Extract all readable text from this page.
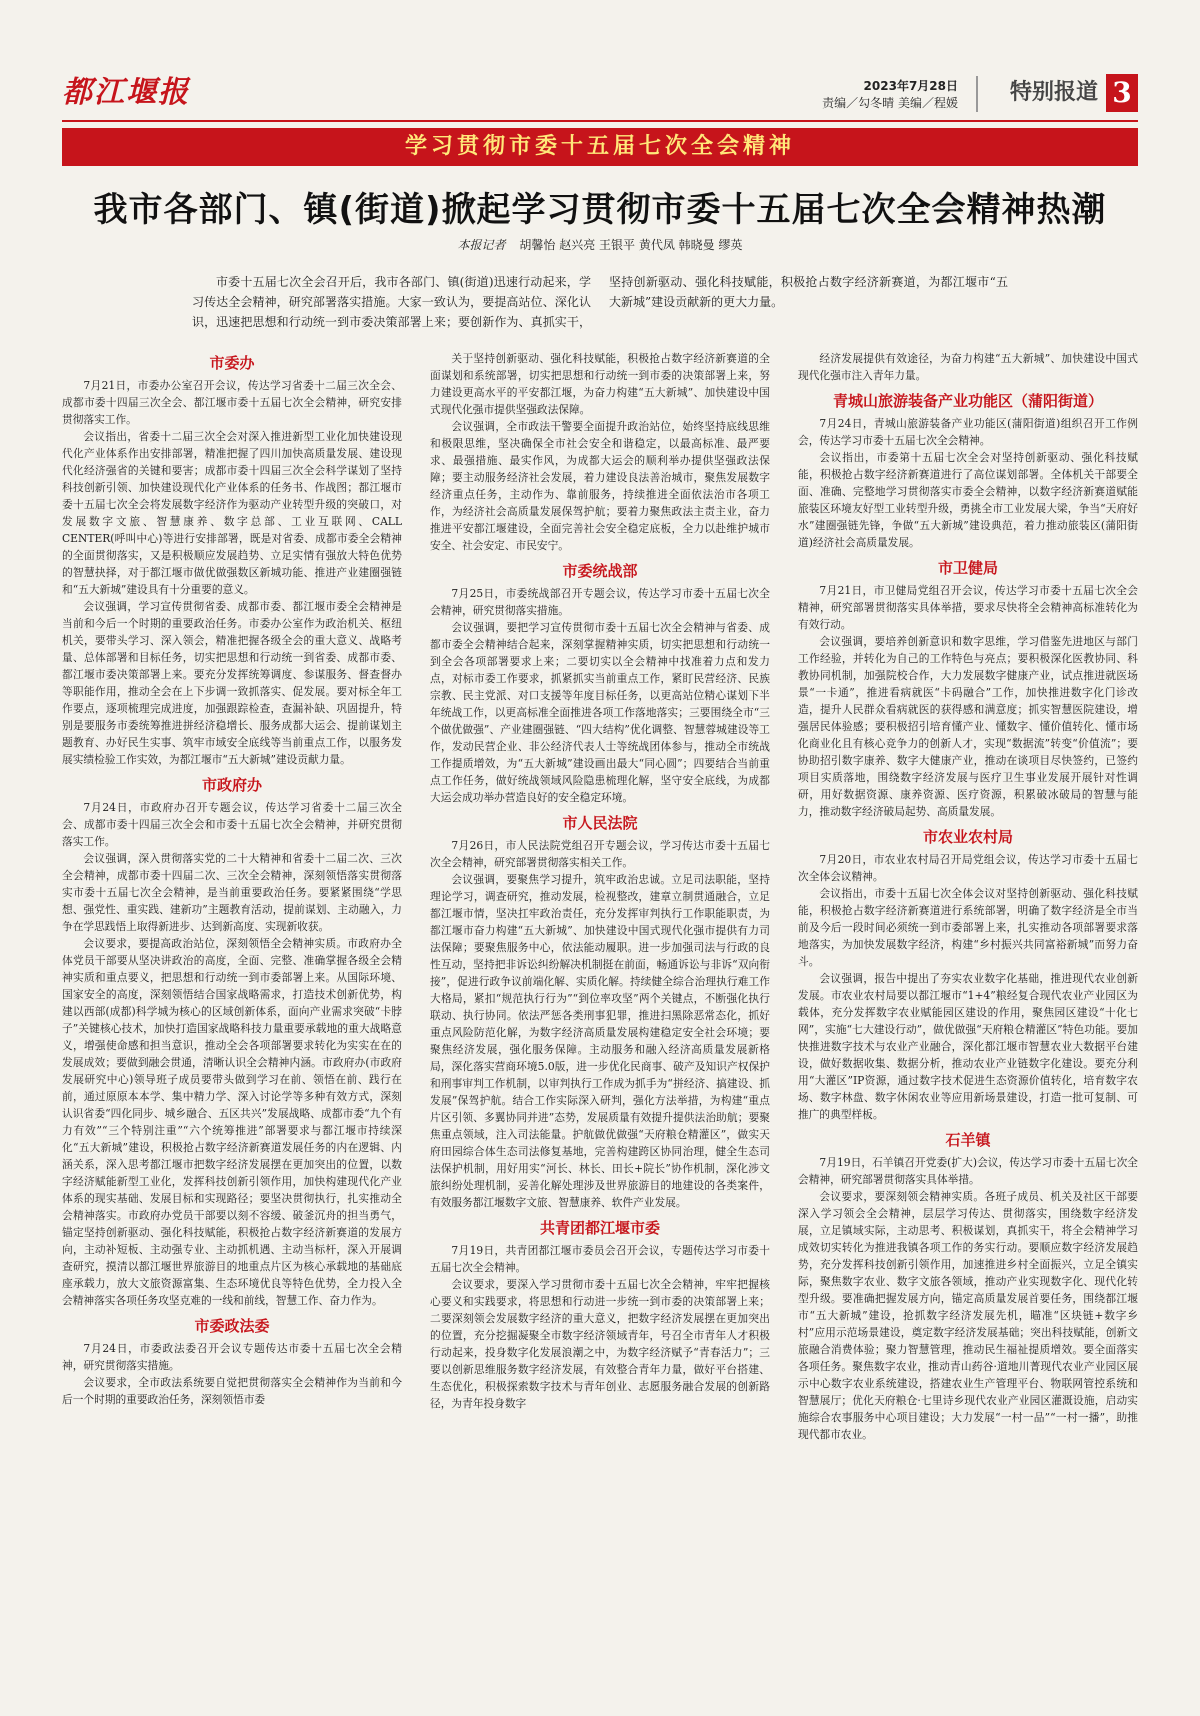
都江堰报	2023年7月28日
责编／勾冬晴 美编／程媛 特别报道 3
学习贯彻市委十五届七次全会精神
我市各部门、镇(街道)掀起学习贯彻市委十五届七次全会精神热潮
本报记者 胡馨怡 赵兴亮 王银平 黄代凤 韩晓曼 缪英
市委十五届七次全会召开后，我市各部门、镇(街道)迅速行动起来，学习传达全会精神，研究部署落实措施。大家一致认为，要提高站位、深化认识，迅速把思想和行动统一到市委决策部署上来；要创新作为、真抓实干，坚持创新驱动、强化科技赋能，积极抢占数字经济新赛道，为都江堰市“五大新城”建设贡献新的更大力量。
市委办

7月21日，市委办公室召开会议，传达学习省委十二届三次全会、成都市委十四届三次全会、都江堰市委十五届七次全会精神，研究安排贯彻落实工作。

会议指出，省委十二届三次全会对深入推进新型工业化加快建设现代化产业体系作出安排部署，精准把握了四川加快高质量发展、建设现代化经济强省的关键和要害；成都市委十四届三次全会科学谋划了坚持科技创新引领、加快建设现代化产业体系的任务书、作战图；都江堰市委十五届七次全会将发展数字经济作为驱动产业转型升级的突破口，对发展数字文旅、智慧康养、数字总部、工业互联网、CALL CENTER(呼叫中心)等进行安排部署，既是对省委、成都市委全会精神的全面贯彻落实，又是积极顺应发展趋势、立足实情有强放大特色优势的智慧抉择，对于都江堰市做优做强数区新城功能、推进产业建圈强链和“五大新城”建设具有十分重要的意义。

会议强调，学习宣传贯彻省委、成都市委、都江堰市委全会精神是当前和今后一个时期的重要政治任务。市委办公室作为政治机关、枢纽机关，要带头学习、深入领会，精准把握各级全会的重大意义、战略考量、总体部署和目标任务，切实把思想和行动统一到省委、成都市委、都江堰市委决策部署上来。要充分发挥统筹调度、参谋服务、督查督办等职能作用，推动全会在上下步调一致抓落实、促发展。要对标全年工作要点，逐项梳理完成进度，加强跟踪检查，查漏补缺、巩固提升，特别是要服务市委统筹推进拼经济稳增长、服务成都大运会、提前谋划主题教育、办好民生实事、筑牢市域安全底线等当前重点工作，以服务发展实绩检验工作实效，为都江堰市“五大新城”建设贡献力量。

市政府办

7月24日，市政府办召开专题会议，传达学习省委十二届三次全会、成都市委十四届三次全会和市委十五届七次全会精神，并研究贯彻落实工作。

会议强调，深入贯彻落实党的二十大精神和省委十二届二次、三次全会精神，成都市委十四届二次、三次全会精神，深刻领悟落实贯彻落实市委十五届七次全会精神，是当前重要政治任务。要紧紧围绕“学思想、强党性、重实践、建新功”主题教育活动，提前谋划、主动融入，力争在学思践悟上取得新进步、达到新高度、实现新收获。

会议要求，要提高政治站位，深刻领悟全会精神实质。市政府办全体党员干部要从坚决讲政治的高度，全面、完整、准确掌握各级全会精神实质和重点要义，把思想和行动统一到市委部署上来。从国际环境、国家安全的高度，深刻领悟结合国家战略需求，打造技术创新优势，构建以西部(成都)科学城为核心的区域创新体系，面向产业需求突破“卡脖子”关键核心技术，加快打造国家战略科技力量重要承载地的重大战略意义，增强使命感和担当意识，推动全会各项部署要求转化为实实在在的发展成效；要做到融会贯通，清晰认识全会精神内涵。市政府办(市政府发展研究中心)领导班子成员要带头做到学习在前、领悟在前、践行在前，通过原原本本学、集中精力学、深入讨论学等多种有效方式，深刻认识省委“四化同步、城乡融合、五区共兴”发展战略、成都市委“九个有力有效”“三个特别注重”“六个统筹推进”部署要求与都江堰市持续深化“五大新城”建设，积极抢占数字经济新赛道发展任务的内在逻辑、内涵关系，深入思考都江堰市把数字经济发展摆在更加突出的位置，以数字经济赋能新型工业化，发挥科技创新引领作用，加快构建现代化产业体系的现实基础、发展目标和实现路径；要坚决贯彻执行，扎实推动全会精神落实。市政府办党员干部要以刻不容缓、破釜沉舟的担当勇气，锚定坚持创新驱动、强化科技赋能，积极抢占数字经济新赛道的发展方向，主动补短板、主动强专业、主动抓机遇、主动当标杆，深入开展调查研究，摸清以都江堰世界旅游目的地重点片区为核心承载地的基础底座承载力，放大文旅资源富集、生态环境优良等特色优势，全力投入全会精神落实各项任务攻坚克难的一线和前线，智慧工作、奋力作为。

市委政法委

7月24日，市委政法委召开会议专题传达市委十五届七次全会精神，研究贯彻落实措施。

会议要求，全市政法系统要自觉把贯彻落实全会精神作为当前和今后一个时期的重要政治任务，深刻领悟市委

关于坚持创新驱动、强化科技赋能，积极抢占数字经济新赛道的全面谋划和系统部署，切实把思想和行动统一到市委的决策部署上来，努力建设更高水平的平安都江堰，为奋力构建“五大新城”、加快建设中国式现代化强市提供坚强政法保障。

会议强调，全市政法干警要全面提升政治站位，始终坚持底线思维和极限思维，坚决确保全市社会安全和谐稳定，以最高标准、最严要求、最强措施、最实作风，为成都大运会的顺利举办提供坚强政法保障；要主动服务经济社会发展，着力建设良法善治城市，聚焦发展数字经济重点任务，主动作为、靠前服务，持续推进全面依法治市各项工作，为经济社会高质量发展保驾护航；要着力聚焦政法主责主业，奋力推进平安都江堰建设，全面完善社会安全稳定底板，全力以赴维护城市安全、社会安定、市民安宁。

市委统战部

7月25日，市委统战部召开专题会议，传达学习市委十五届七次全会精神，研究贯彻落实措施。

会议强调，要把学习宣传贯彻市委十五届七次全会精神与省委、成都市委全会精神结合起来，深刻掌握精神实质，切实把思想和行动统一到全会各项部署要求上来；二要切实以全会精神中找准着力点和发力点，对标市委工作要求，抓紧抓实当前重点工作，紧盯民营经济、民族宗教、民主党派、对口支援等年度目标任务，以更高站位精心谋划下半年统战工作，以更高标准全面推进各项工作落地落实；三要围绕全市“三个做优做强”、产业建圈强链、“四大结构”优化调整、智慧蓉城建设等工作，发动民营企业、非公经济代表人士等统战团体参与，推动全市统战工作提质增效，为“五大新城”建设画出最大“同心圆”；四要结合当前重点工作任务，做好统战领域风险隐患梳理化解，坚守安全底线，为成都大运会成功举办营造良好的安全稳定环境。

市人民法院

7月26日，市人民法院党组召开专题会议，学习传达市委十五届七次全会精神，研究部署贯彻落实相关工作。

会议强调，要聚焦学习提升，筑牢政治忠诚。立足司法职能，坚持理论学习，调查研究，推动发展，检视整改，建章立制贯通融合，立足都江堰市情，坚决扛牢政治责任，充分发挥审判执行工作职能职责，为都江堰市奋力构建“五大新城”、加快建设中国式现代化强市提供有力司法保障；要聚焦服务中心，依法能动履职。进一步加强司法与行政的良性互动，坚持把非诉讼纠纷解决机制挺在前面，畅通诉讼与非诉“双向衔接”，促进行政争议前端化解、实质化解。持续健全综合治理执行难工作大格局，紧扣“规范执行行为”“到位率攻坚”两个关键点，不断强化执行联动、执行协同。依法严惩各类刑事犯罪，推进扫黑除恶常态化，抓好重点风险防范化解，为数字经济高质量发展构建稳定安全社会环境；要聚焦经济发展，强化服务保障。主动服务和融入经济高质量发展新格局，深化落实营商环境5.0版，进一步优化民商事、破产及知识产权保护和刑事审判工作机制，以审判执行工作成为抓手为“拼经济、搞建设、抓发展”保驾护航。结合工作实际深入研判，强化方法举措，为构建“重点片区引领、多翼协同并进”态势，发展质量有效提升提供法治助航；要聚焦重点领域，注入司法能量。护航做优做强“天府粮仓精灌区”，做实天府田园综合体生态司法修复基地，完善构建跨区协同治理，健全生态司法保护机制，用好用实“河长、林长、田长+院长”协作机制，深化涉文旅纠纷处理机制，妥善化解处理涉及世界旅游目的地建设的各类案件，有效服务都江堰数字文旅、智慧康养、软件产业发展。

共青团都江堰市委

7月19日，共青团都江堰市委员会召开会议，专题传达学习市委十五届七次全会精神。

会议要求，要深入学习贯彻市委十五届七次全会精神，牢牢把握核心要义和实践要求，将思想和行动进一步统一到市委的决策部署上来；二要深刻领会发展数字经济的重大意义，把数字经济发展摆在更加突出的位置，充分挖掘凝聚全市数字经济领域青年，号召全市青年人才积极行动起来，投身数字化发展浪潮之中，为数字经济赋予“青春活力”；三要以创新思维服务数字经济发展，有效整合青年力量，做好平台搭建、生态优化，积极探索数字技术与青年创业、志愿服务融合发展的创新路径，为青年投身数字

经济发展提供有效途径，为奋力构建“五大新城”、加快建设中国式现代化强市注入青年力量。

青城山旅游装备产业功能区（蒲阳街道）

7月24日，青城山旅游装备产业功能区(蒲阳街道)组织召开工作例会，传达学习市委十五届七次全会精神。

会议指出，市委第十五届七次全会对坚持创新驱动、强化科技赋能，积极抢占数字经济新赛道进行了高位谋划部署。全体机关干部要全面、准确、完整地学习贯彻落实市委全会精神，以数字经济新赛道赋能旅装区环境友好型工业转型升级，勇挑全市工业发展大梁，争当“天府好水”建圈强链先锋，争做“五大新城”建设典范，着力推动旅装区(蒲阳街道)经济社会高质量发展。

市卫健局

7月21日，市卫健局党组召开会议，传达学习市委十五届七次全会精神，研究部署贯彻落实具体举措，要求尽快将全会精神高标准转化为有效行动。

会议强调，要培养创新意识和数字思维，学习借鉴先进地区与部门工作经验，并转化为自己的工作特色与亮点；要积极深化医教协同、科教协同机制，加强院校合作，大力发展数字健康产业，试点推进就医场景“一卡通”，推进看病就医“卡码融合”工作，加快推进数字化门诊改造，提升人民群众看病就医的获得感和满意度；抓实智慧医院建设，增强居民体验感；要积极招引培育懂产业、懂数字、懂价值转化、懂市场化商业化且有核心竞争力的创新人才，实现“数据流”转变“价值流”；要协助招引数字康养、数字大健康产业，推动在谈项目尽快签约，已签约项目实质落地，围绕数字经济发展与医疗卫生事业发展开展针对性调研，用好数据资源、康养资源、医疗资源，积累破冰破局的智慧与能力，推动数字经济破局起势、高质量发展。

市农业农村局

7月20日，市农业农村局召开局党组会议，传达学习市委十五届七次全体会议精神。

会议指出，市委十五届七次全体会议对坚持创新驱动、强化科技赋能，积极抢占数字经济新赛道进行系统部署，明确了数字经济是全市当前及今后一段时间必须统一到市委部署上来，扎实推动各项部署要求落地落实，为加快发展数字经济，构建“乡村振兴共同富裕新城”而努力奋斗。

会议强调，报告中提出了夯实农业数字化基础，推进现代农业创新发展。市农业农村局要以都江堰市“1+4”粮经复合现代农业产业园区为载体，充分发挥数字农业赋能园区建设的作用，聚焦园区建设“十化七网”，实施“七大建设行动”，做优做强“天府粮仓精灌区”特色功能。要加快推进数字技术与农业产业融合，深化都江堰市智慧农业大数据平台建设，做好数据收集、数据分析，推动农业产业链数字化建设。要充分利用“大灌区”IP资源，通过数字技术促进生态资源价值转化，培育数字农场、数字林盘、数字休闲农业等应用新场景建设，打造一批可复制、可推广的典型样板。

石羊镇

7月19日，石羊镇召开党委(扩大)会议，传达学习市委十五届七次全会精神，研究部署贯彻落实具体举措。

会议要求，要深刻领会精神实质。各班子成员、机关及社区干部要深入学习领会全会精神，层层学习传达、贯彻落实，围绕数字经济发展，立足镇域实际，主动思考、积极谋划，真抓实干，将全会精神学习成效切实转化为推进我镇各项工作的务实行动。要顺应数字经济发展趋势，充分发挥科技创新引领作用，加速推进乡村全面振兴，立足全镇实际，聚焦数字农业、数字文旅各领域，推动产业实现数字化、现代化转型升级。要准确把握发展方向，锚定高质量发展首要任务，围绕都江堰市“五大新城”建设，抢抓数字经济发展先机，瞄准“区块链+数字乡村”应用示范场景建设，奠定数字经济发展基础；突出科技赋能，创新文旅融合消费体验；聚力智慧管理，推动民生福祉提质增效。要全面落实各项任务。聚焦数字农业，推动青山药谷·道地川菁现代农业产业园区展示中心数字农业系统建设，搭建农业生产管理平台、物联网管控系统和智慧展厅；优化天府粮仓·七里诗乡现代农业产业园区灌溉设施，启动实施综合农事服务中心项目建设；大力发展“一村一品”“一村一播”，助推现代都市农业。
